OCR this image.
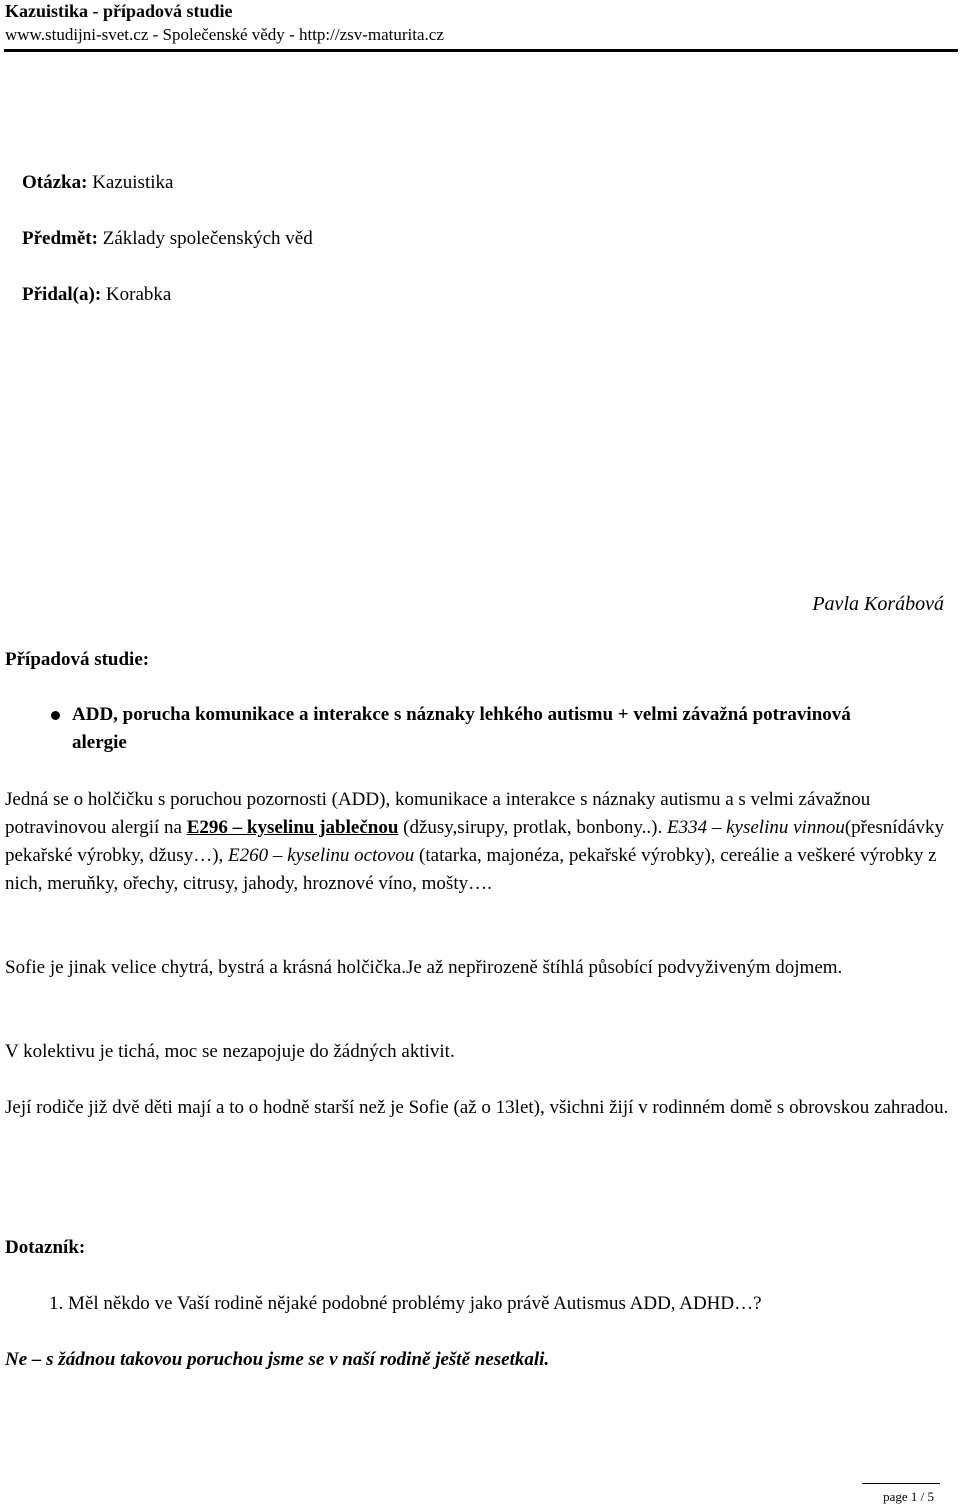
Kazuistika - případová studie
www.studijni-svet.cz - Společenské vědy - http://zsv-maturita.cz
Otázka: Kazuistika
Předmět: Základy společenských věd
Přidal(a): Korabka
Pavla Korábová
Případová studie:
ADD, porucha komunikace a interakce s náznaky lehkého autismu + velmi závažná potravinová alergie
Jedná se o holčičku s poruchou pozornosti (ADD), komunikace a interakce s náznaky autismu a s velmi závažnou potravinovou alergií na E296 – kyselinu jablečnou (džusy,sirupy, protlak, bonbony..). E334 – kyselinu vinnou(přesnídávky pekařské výrobky, džusy…), E260 – kyselinu octovou (tatarka, majonéza, pekařské výrobky), cereálie a veškeré výrobky z nich, meruňky, ořechy, citrusy, jahody, hroznové víno, mošty….
Sofie je jinak velice chytrá, bystrá a krásná holčička.Je až nepřirozeně štíhlá působící podvyživeným dojmem.
V kolektivu je tichá, moc se nezapojuje do žádných aktivit.
Její rodiče již dvě děti mají a to o hodně starší než je Sofie (až o 13let), všichni žijí v rodinném domě s obrovskou zahradou.
Dotazník:
1. Měl někdo ve Vaší rodině nějaké podobné problémy jako právě Autismus ADD, ADHD…?
Ne – s žádnou takovou poruchou jsme se v naší rodině ještě nesetkali.
page 1 / 5
